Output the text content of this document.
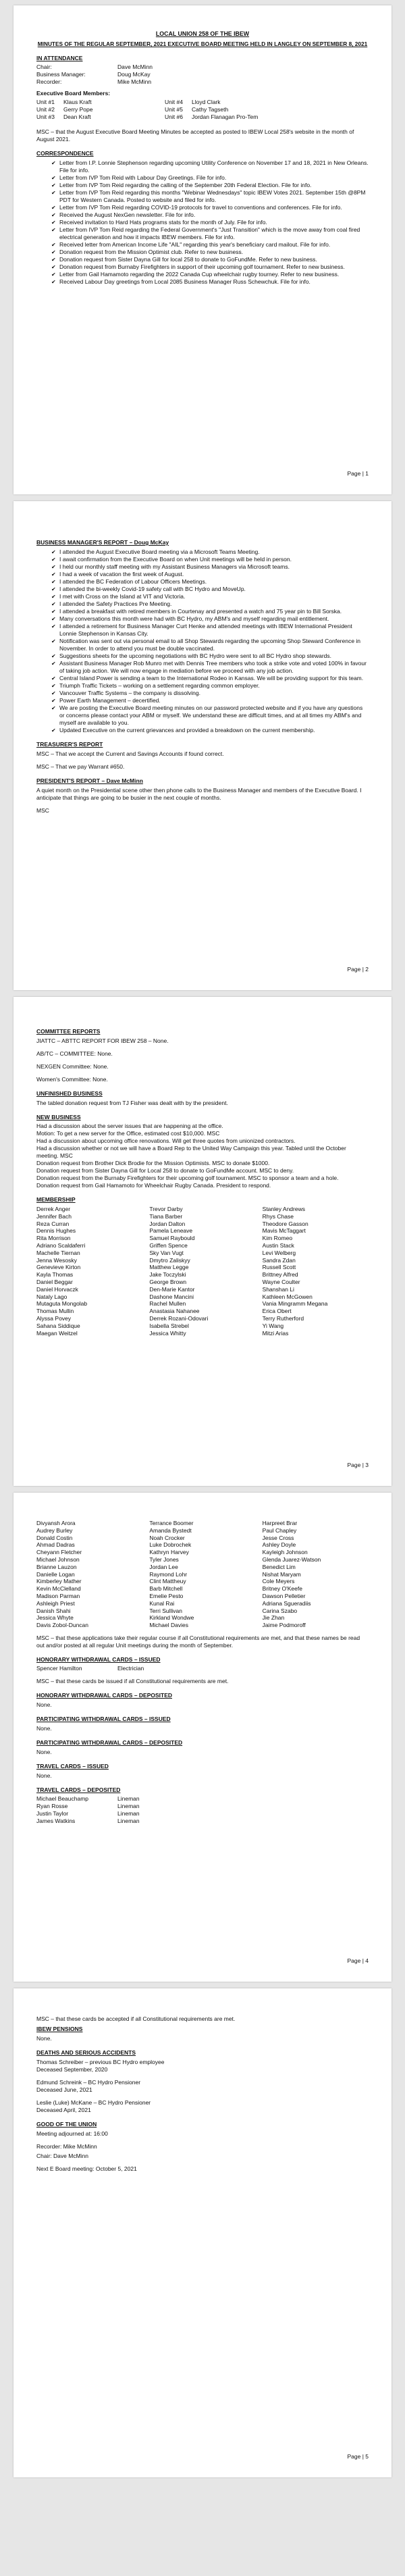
LOCAL UNION 258 OF THE IBEW
MINUTES OF THE REGULAR SEPTEMBER, 2021 EXECUTIVE BOARD MEETING HELD IN LANGLEY ON SEPTEMBER 8, 2021
IN ATTENDANCE
Chair:	Dave McMinn
Business Manager:	Doug McKay
Recorder:	Mike McMinn
Executive Board Members:
Unit #1	Klaus Kraft	Unit #4	Lloyd Clark
Unit #2	Gerry Pope	Unit #5	Cathy Tagseth
Unit #3	Dean Kraft	Unit #6	Jordan Flanagan Pro-Tem
MSC – that the August Executive Board Meeting Minutes be accepted as posted to IBEW Local 258's website in the month of August 2021.
CORRESPONDENCE
✔ Letter from I.P. Lonnie Stephenson regarding upcoming Utility Conference on November 17 and 18, 2021 in New Orleans. File for info.
✔ Letter from IVP Tom Reid with Labour Day Greetings. File for info.
✔ Letter from IVP Tom Reid regarding the calling of the September 20th Federal Election. File for info.
✔ Letter from IVP Tom Reid regarding this months "Webinar Wednesdays" topic IBEW Votes 2021. September 15th @8PM PDT for Western Canada. Posted to website and filed for info.
✔ Letter from IVP Tom Reid regarding COVID-19 protocols for travel to conventions and conferences. File for info.
✔ Received the August NexGen newsletter. File for info.
✔ Received invitation to Hard Hats programs stats for the month of July. File for info.
✔ Letter from IVP Tom Reid regarding the Federal Government's "Just Transition" which is the move away from coal fired electrical generation and how it impacts IBEW members. File for info.
✔ Received letter from American Income Life "AIL" regarding this year's beneficiary card mailout. File for info.
✔ Donation request from the Mission Optimist club. Refer to new business.
✔ Donation request from Sister Dayna Gill for local 258 to donate to GoFundMe. Refer to new business.
✔ Donation request from Burnaby Firefighters in support of their upcoming golf tournament. Refer to new business.
✔ Letter from Gail Hamamoto regarding the 2022 Canada Cup wheelchair rugby tourney. Refer to new business.
✔ Received Labour Day greetings from Local 2085 Business Manager Russ Schewchuk. File for info.
Page | 1
BUSINESS MANAGER'S REPORT – Doug McKay
✔ I attended the August Executive Board meeting via a Microsoft Teams Meeting.
✔ I await confirmation from the Executive Board on when Unit meetings will be held in person.
✔ I held our monthly staff meeting with my Assistant Business Managers via Microsoft teams.
✔ I had a week of vacation the first week of August.
✔ I attended the BC Federation of Labour Officers Meetings.
✔ I attended the bi-weekly Covid-19 safety call with BC Hydro and MoveUp.
✔ I met with Cross on the Island at VIT and Victoria.
✔ I attended the Safety Practices Pre Meeting.
✔ I attended a breakfast with retired members in Courtenay and presented a watch and 75 year pin to Bill Sorska.
✔ Many conversations this month were had with BC Hydro, my ABM's and myself regarding mail entitlement.
✔ I attended a retirement for Business Manager Curt Henke and attended meetings with IBEW International President Lonnie Stephenson in Kansas City.
✔ Notification was sent out via personal email to all Shop Stewards regarding the upcoming Shop Steward Conference in November. In order to attend you must be double vaccinated.
✔ Suggestions sheets for the upcoming negotiations with BC Hydro were sent to all BC Hydro shop stewards.
✔ Assistant Business Manager Rob Munro met with Dennis Tree members who took a strike vote and voted 100% in favour of taking job action. We will now engage in mediation before we proceed with any job action.
✔ Central Island Power is sending a team to the International Rodeo in Kansas. We will be providing support for this team.
✔ Triumph Traffic Tickets – working on a settlement regarding common employer.
✔ Vancouver Traffic Systems – the company is dissolving.
✔ Power Earth Management – decertified.
✔ We are posting the Executive Board meeting minutes on our password protected website and if you have any questions or concerns please contact your ABM or myself. We understand these are difficult times, and at all times my ABM's and myself are available to you.
✔ Updated Executive on the current grievances and provided a breakdown on the current membership.
TREASURER'S REPORT
MSC – That we accept the Current and Savings Accounts if found correct.
MSC – That we pay Warrant #650.
PRESIDENT'S REPORT – Dave McMinn
A quiet month on the Presidential scene other then phone calls to the Business Manager and members of the Executive Board. I anticipate that things are going to be busier in the next couple of months.
MSC
Page | 2
COMMITTEE REPORTS
JIATTC – ABTTC REPORT FOR IBEW 258 – None.
AB/TC – COMMITTEE: None.
NEXGEN Committee: None.
Women's Committee: None.
UNFINISHED BUSINESS
The tabled donation request from TJ Fisher was dealt with by the president.
NEW BUSINESS
Had a discussion about the server issues that are happening at the office.
Motion: To get a new server for the Office, estimated cost $10,000. MSC
Had a discussion about upcoming office renovations. Will get three quotes from unionized contractors.
Had a discussion whether or not we will have a Board Rep to the United Way Campaign this year. Tabled until the October meeting. MSC
Donation request from Brother Dick Brodie for the Mission Optimists. MSC to donate $1000.
Donation request from Sister Dayna Gill for Local 258 to donate to GoFundMe account. MSC to deny.
Donation request from the Burnaby Firefighters for their upcoming golf tournament. MSC to sponsor a team and a hole.
Donation request from Gail Hamamoto for Wheelchair Rugby Canada. President to respond.
MEMBERSHIP
Derrek Anger	Trevor Darby	Stanley Andrews
Jennifer Bach	Tiana Barber	Rhys Chase
Reza Curran	Jordan Dalton	Theodore Gasson
Dennis Hughes	Pamela Leneave	Mavis McTaggart
Rita Morrison	Samuel Raybould	Kim Romeo
Adriano Scaldaferri	Griffen Spence	Austin Stack
Machelle Tiernan	Sky Van Vugt	Levi Welberg
Jenna Wesosky	Dmytro Zaliskyy	Sandra Zdan
Genevieve Kirton	Matthew Legge	Russell Scott
Kayla Thomas	Jake Toczylski	Brittney Alfred
Daniel Beggar	George Brown	Wayne Coulter
Daniel Horvaczk	Den-Marie Kantor	Shanshan Li
Nataly Lago	Dashone Mancini	Kathleen McGowen
Mutaguta Mongolab	Rachel Mullen	Vania Mingramm Megana
Thomas Mullin	Anastasia Nahanee	Erica Obert
Alyssa Povey	Derrek Rozani-Odovari	Terry Rutherford
Sahana Siddique	Isabella Strebel	Yi Wang
Maegan Weitzel	Jessica Whitty	Mitzi Arias
Page | 3
Divyansh Arora	Terrance Boomer	Harpreet Brar
Audrey Burley	Amanda Bystedt	Paul Chapley
Donald Costin	Noah Crocker	Jesse Cross
Ahmad Dadras	Luke Dobrochek	Ashley Doyle
Cheyann Fletcher	Kathryn Harvey	Kayleigh Johnson
Michael Johnson	Tyler Jones	Glenda Juarez-Watson
Brianne Lauzon	Jordan Lee	Benedict Lim
Danielle Logan	Raymond Lohr	Nishat Maryam
Kimberley Mather	Clint Mattheuy	Cole Meyers
Kevin McClelland	Barb Mitchell	Britney O'Keefe
Madison Parman	Emelie Pesto	Dawson Pelletier
Ashleigh Priest	Kunal Rai	Adriana Sgueradiis
Danish Shahi	Terri Sullivan	Carina Szabo
Jessica Whyte	Kirkland Wondwe	Jie Zhan
Davis Zobol-Duncan	Michael Davies	Jaime Podmoroff
MSC – that these applications take their regular course if all Constitutional requirements are met, and that these names be read out and/or posted at all regular Unit meetings during the month of September.
HONORARY WITHDRAWAL CARDS – ISSUED
Spencer Hamilton	Electrician
MSC – that these cards be issued if all Constitutional requirements are met.
HONORARY WITHDRAWAL CARDS – DEPOSITED
None.
PARTICIPATING WITHDRAWAL CARDS – ISSUED
None.
PARTICIPATING WITHDRAWAL CARDS – DEPOSITED
None.
TRAVEL CARDS – ISSUED
None.
TRAVEL CARDS – DEPOSITED
Michael Beauchamp	Lineman
Ryan Rosse	Lineman
Justin Taylor	Lineman
James Watkins	Lineman
Page | 4
MSC – that these cards be accepted if all Constitutional requirements are met.
IBEW PENSIONS
None.
DEATHS AND SERIOUS ACCIDENTS
Thomas Schreiber – previous BC Hydro employee
Deceased September, 2020
Edmund Schreink – BC Hydro Pensioner
Deceased June, 2021
Leslie (Luke) McKane – BC Hydro Pensioner
Deceased April, 2021
GOOD OF THE UNION
Meeting adjourned at: 16:00
Recorder: Mike McMinn
Chair: Dave McMinn
Next E Board meeting: October 5, 2021
Page | 5
